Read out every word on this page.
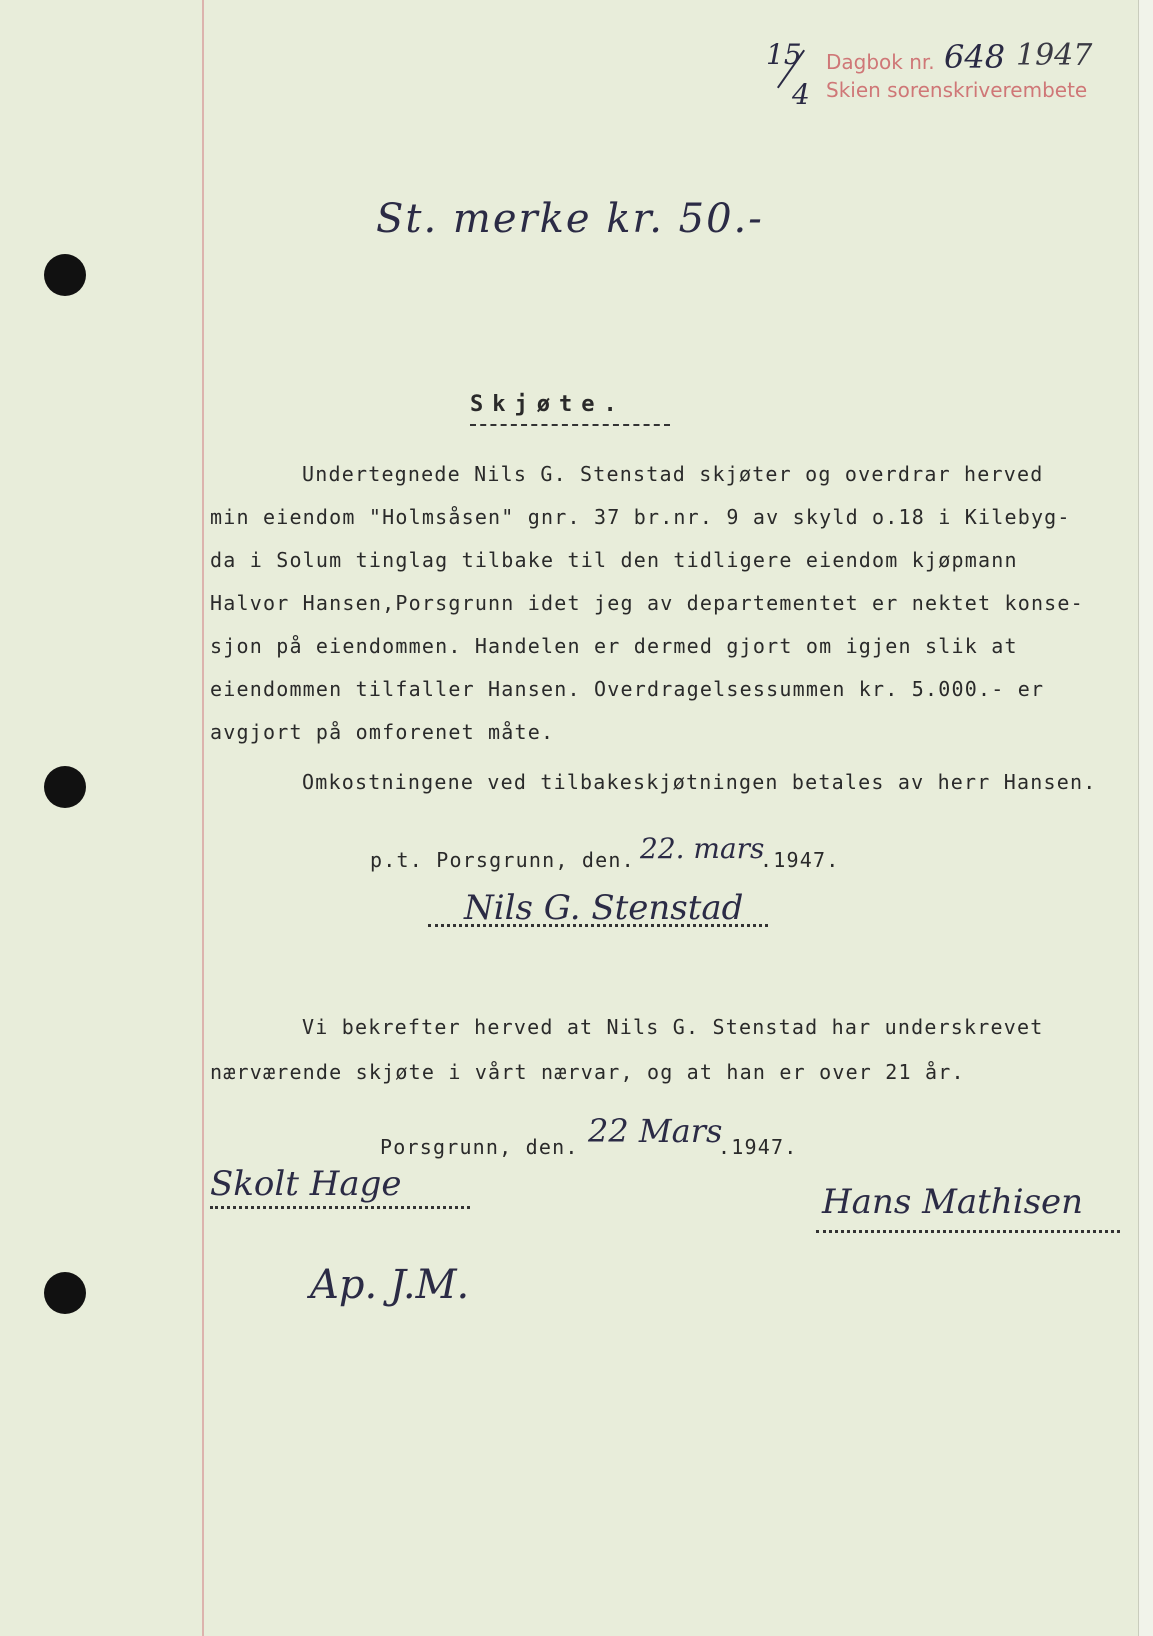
15
4
Dagbok nr. 648 1947
Skien sorenskriverembete
St. merke kr. 50.-
Skjøte.
Undertegnede Nils G. Stenstad skjøter og overdrar herved
min eiendom "Holmsåsen" gnr. 37 br.nr. 9 av skyld o.18 i Kilebyg-
da i Solum tinglag tilbake til den tidligere eiendom kjøpmann
Halvor Hansen,Porsgrunn idet jeg av departementet er nektet konse-
sjon på eiendommen. Handelen er dermed gjort om igjen slik at
eiendommen tilfaller Hansen. Overdragelsessummen kr. 5.000.- er
avgjort på omforenet måte.
Omkostningene ved tilbakeskjøtningen betales av herr Hansen.
p.t. Porsgrunn, den. 22. mars
.1947.
Nils G. Stenstad
Vi bekrefter herved at Nils G. Stenstad har underskrevet
nærværende skjøte i vårt nærvar, og at han er over 21 år.
Porsgrunn, den. 22 Mars
.1947.
Skolt Hage
Ap. J.M.
Hans Mathisen
